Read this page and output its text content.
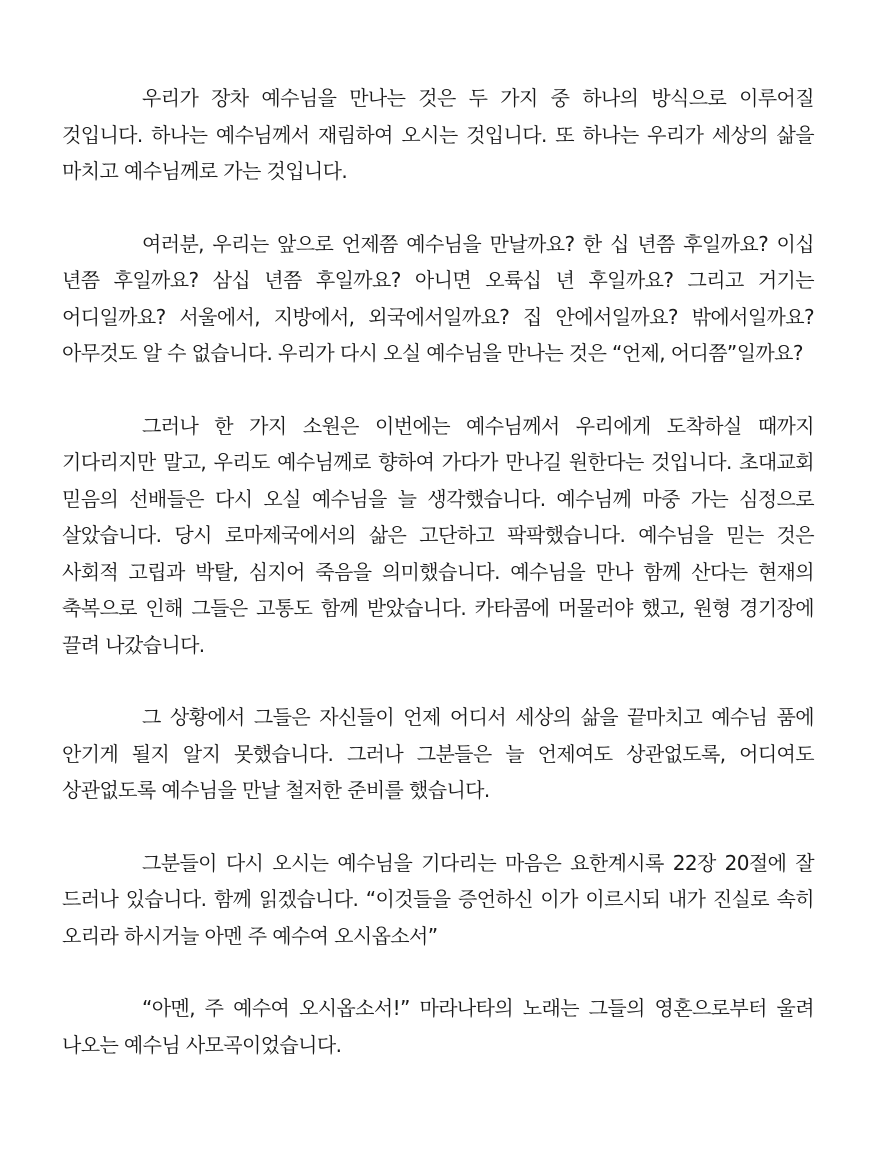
우리가 장차 예수님을 만나는 것은 두 가지 중 하나의 방식으로 이루어질 것입니다. 하나는 예수님께서 재림하여 오시는 것입니다. 또 하나는 우리가 세상의 삶을 마치고 예수님께로 가는 것입니다.

여러분, 우리는 앞으로 언제쯤 예수님을 만날까요? 한 십 년쯤 후일까요? 이십 년쯤 후일까요? 삼십 년쯤 후일까요? 아니면 오륙십 년 후일까요? 그리고 거기는 어디일까요? 서울에서, 지방에서, 외국에서일까요? 집 안에서일까요? 밖에서일까요? 아무것도 알 수 없습니다. 우리가 다시 오실 예수님을 만나는 것은 “언제, 어디쯤”일까요?

그러나 한 가지 소원은 이번에는 예수님께서 우리에게 도착하실 때까지 기다리지만 말고, 우리도 예수님께로 향하여 가다가 만나길 원한다는 것입니다. 초대교회 믿음의 선배들은 다시 오실 예수님을 늘 생각했습니다. 예수님께 마중 가는 심정으로 살았습니다. 당시 로마제국에서의 삶은 고단하고 팍팍했습니다. 예수님을 믿는 것은 사회적 고립과 박탈, 심지어 죽음을 의미했습니다. 예수님을 만나 함께 산다는 현재의 축복으로 인해 그들은 고통도 함께 받았습니다. 카타콤에 머물러야 했고, 원형 경기장에 끌려 나갔습니다.

그 상황에서 그들은 자신들이 언제 어디서 세상의 삶을 끝마치고 예수님 품에 안기게 될지 알지 못했습니다. 그러나 그분들은 늘 언제여도 상관없도록, 어디여도 상관없도록 예수님을 만날 철저한 준비를 했습니다.

그분들이 다시 오시는 예수님을 기다리는 마음은 요한계시록 22장 20절에 잘 드러나 있습니다. 함께 읽겠습니다. “이것들을 증언하신 이가 이르시되 내가 진실로 속히 오리라 하시거늘 아멘 주 예수여 오시옵소서”

“아멘, 주 예수여 오시옵소서!” 마라나타의 노래는 그들의 영혼으로부터 울려 나오는 예수님 사모곡이었습니다.
